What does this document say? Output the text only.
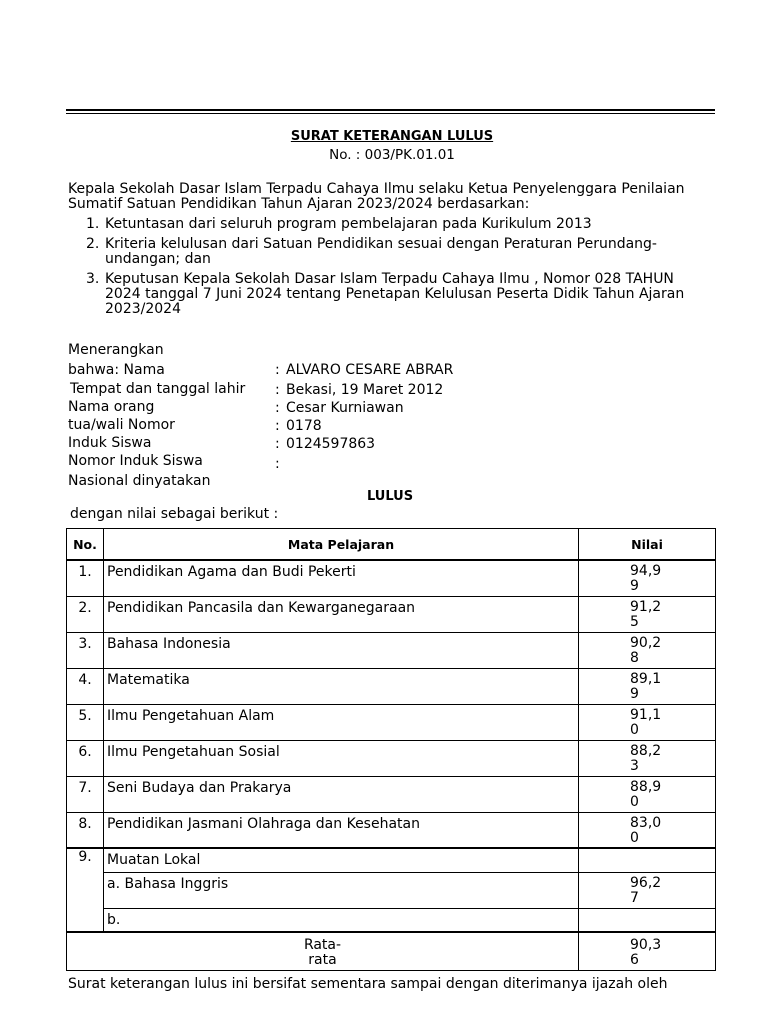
SURAT KETERANGAN LULUS
No. : 003/PK.01.01
Kepala Sekolah Dasar Islam Terpadu Cahaya Ilmu selaku Ketua Penyelenggara Penilaian Sumatif Satuan Pendidikan Tahun Ajaran 2023/2024 berdasarkan:
1. Ketuntasan dari seluruh program pembelajaran pada Kurikulum 2013
2. Kriteria kelulusan dari Satuan Pendidikan sesuai dengan Peraturan Perundang-undangan; dan
3. Keputusan Kepala Sekolah Dasar Islam Terpadu Cahaya Ilmu , Nomor 028 TAHUN 2024 tanggal 7 Juni 2024 tentang Penetapan Kelulusan Peserta Didik Tahun Ajaran 2023/2024
Menerangkan
bahwa: Nama	: ALVARO CESARE ABRAR
Tempat dan tanggal lahir : Bekasi, 19 Maret 2012
Nama orang	: Cesar Kurniawan
tua/wali Nomor	: 0178
Induk Siswa	: 0124597863
Nomor Induk Siswa	:
Nasional dinyatakan
LULUS
dengan nilai sebagai berikut :
No.	Mata Pelajaran	Nilai
1.	Pendidikan Agama dan Budi Pekerti	94,99
2.	Pendidikan Pancasila dan Kewarganegaraan	91,25
3.	Bahasa Indonesia	90,28
4.	Matematika	89,19
5.	Ilmu Pengetahuan Alam	91,10
6.	Ilmu Pengetahuan Sosial	88,23
7.	Seni Budaya dan Prakarya	88,90
8.	Pendidikan Jasmani Olahraga dan Kesehatan	83,00
9.	Muatan Lokal	
	a. Bahasa Inggris	96,27
	b.	

Rata-
rata		90,36
Surat keterangan lulus ini bersifat sementara sampai dengan diterimanya ijazah oleh
